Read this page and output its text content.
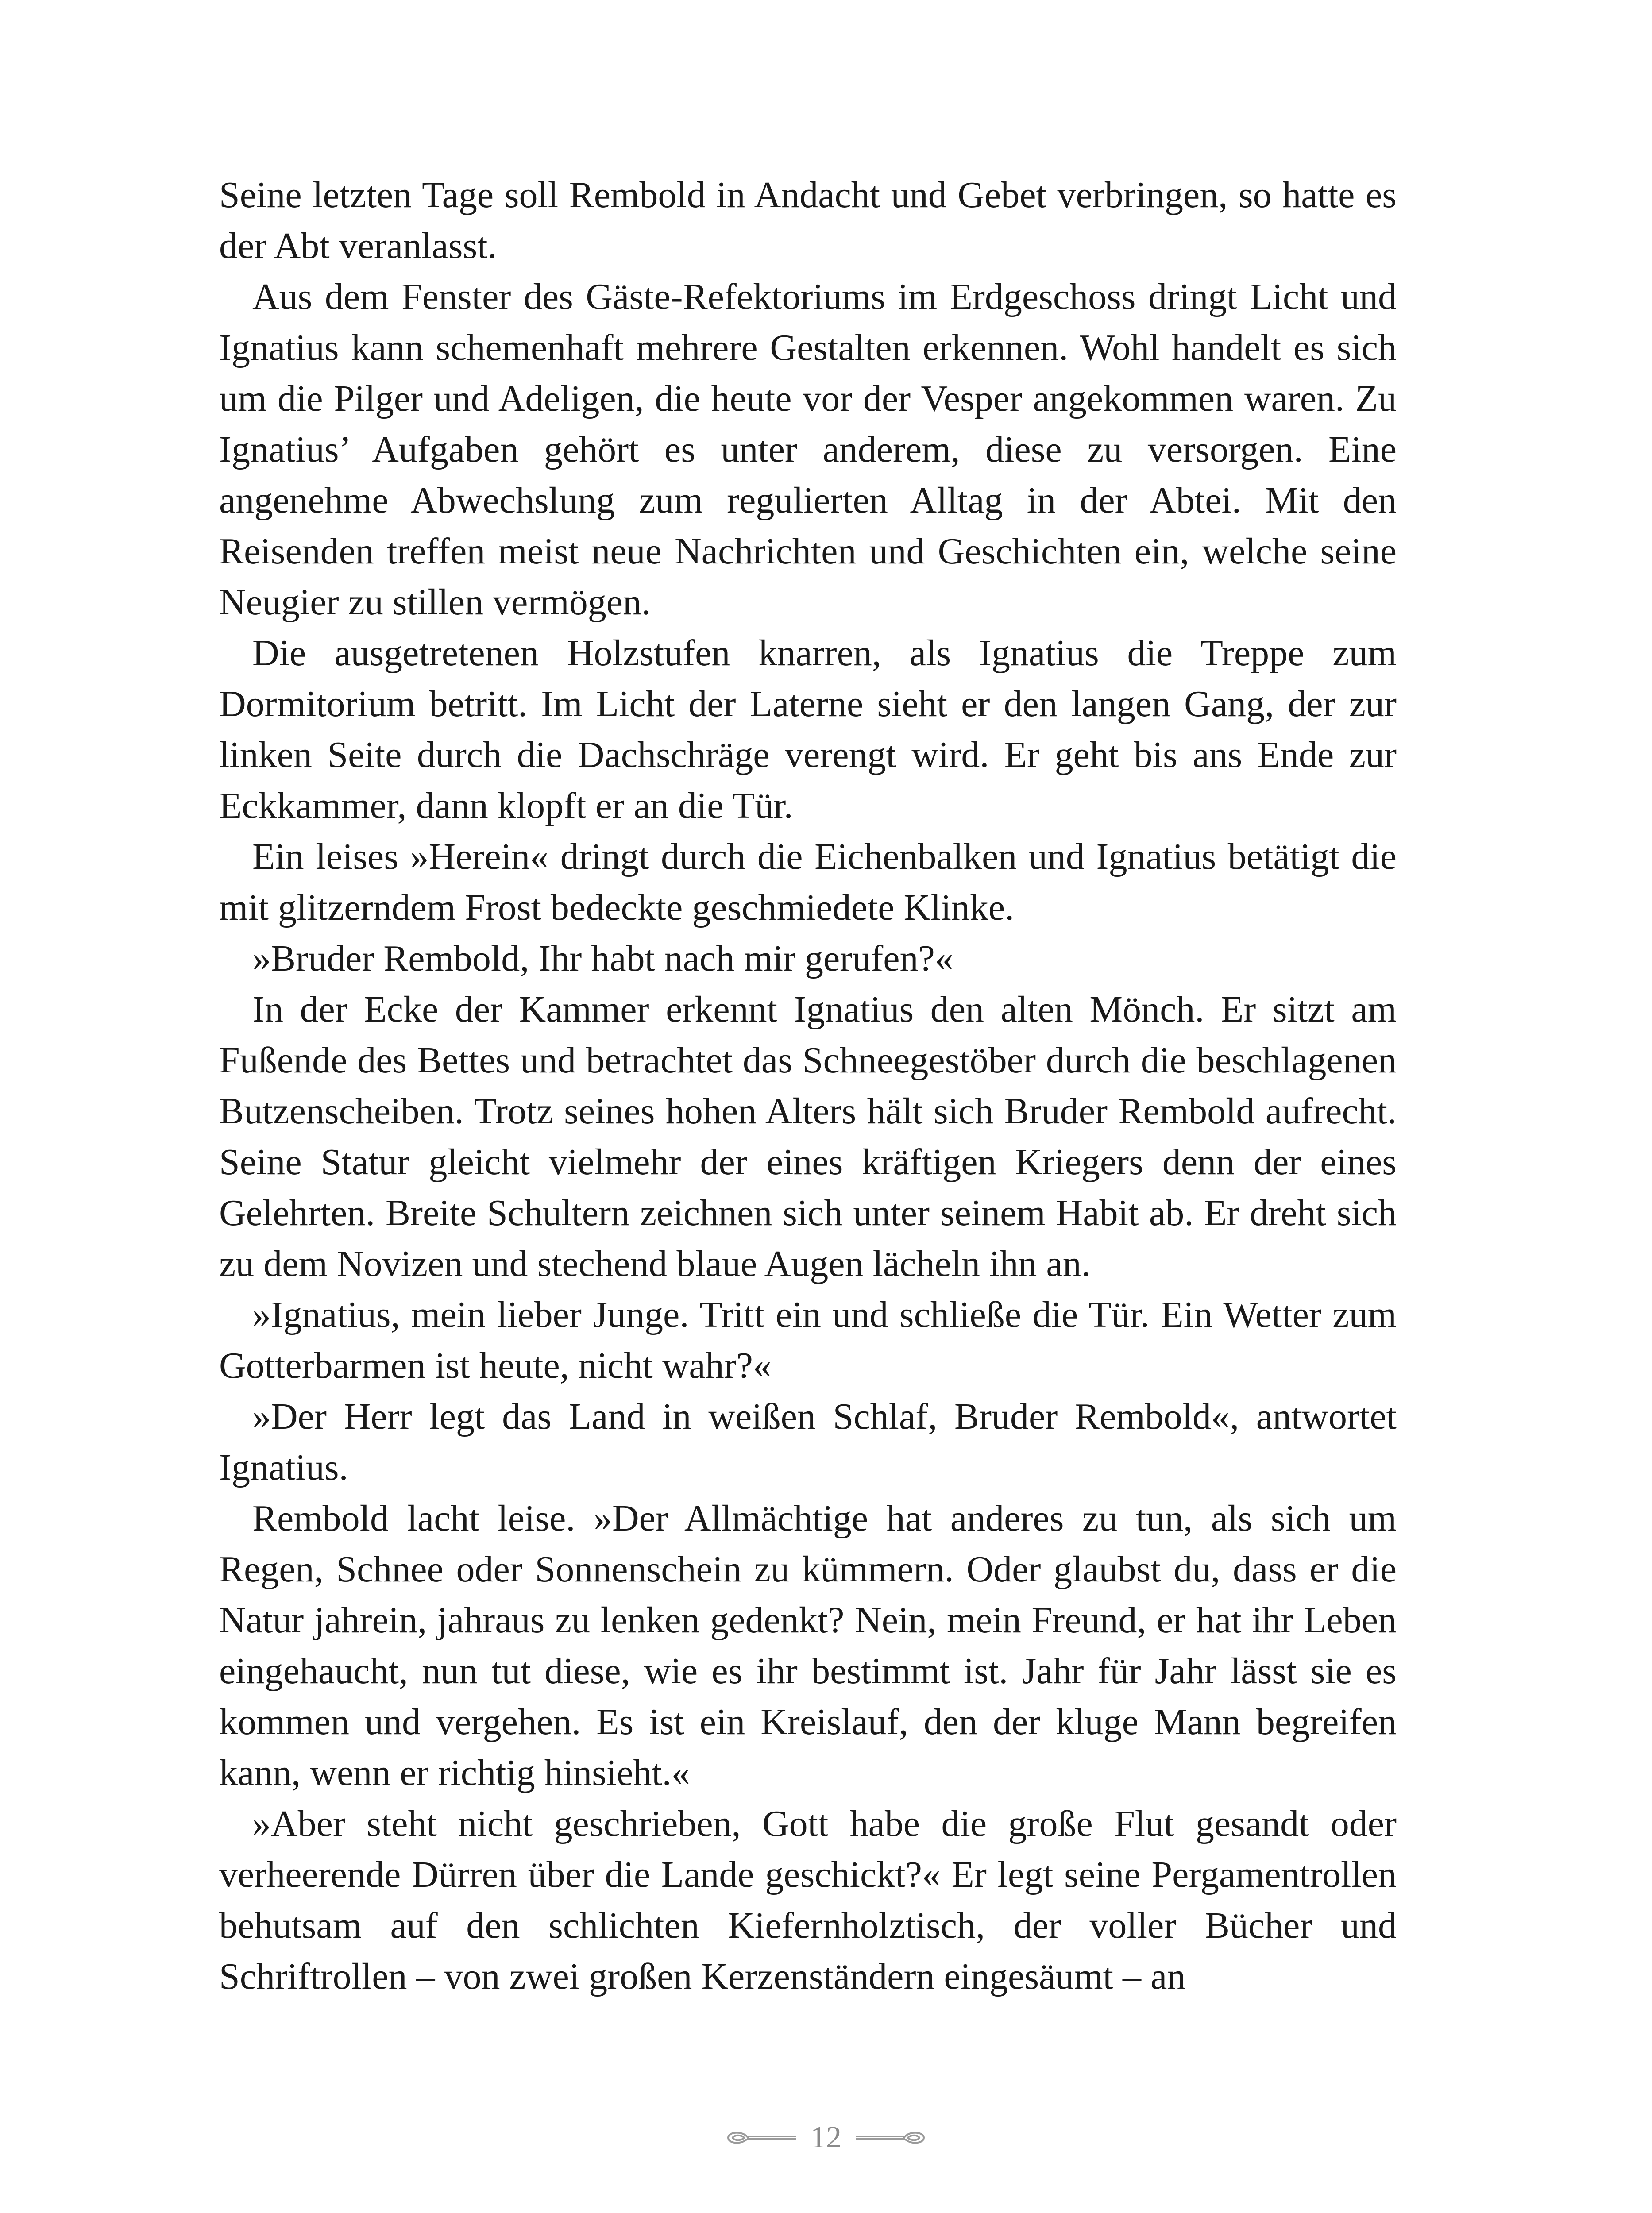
Seine letzten Tage soll Rembold in Andacht und Gebet verbringen, so hatte es der Abt veranlasst.

Aus dem Fenster des Gäste-Refektoriums im Erdgeschoss dringt Licht und Ignatius kann schemenhaft mehrere Gestalten erkennen. Wohl handelt es sich um die Pilger und Adeligen, die heute vor der Vesper angekommen waren. Zu Ignatius’ Aufgaben gehört es unter anderem, diese zu versorgen. Eine angenehme Abwechslung zum regulierten Alltag in der Abtei. Mit den Reisenden treffen meist neue Nachrichten und Geschichten ein, welche seine Neugier zu stillen vermögen.

Die ausgetretenen Holzstufen knarren, als Ignatius die Treppe zum Dormitorium betritt. Im Licht der Laterne sieht er den langen Gang, der zur linken Seite durch die Dachschräge verengt wird. Er geht bis ans Ende zur Eckkammer, dann klopft er an die Tür.

Ein leises »Herein« dringt durch die Eichenbalken und Ignatius betätigt die mit glitzerndem Frost bedeckte geschmiedete Klinke.

»Bruder Rembold, Ihr habt nach mir gerufen?«

In der Ecke der Kammer erkennt Ignatius den alten Mönch. Er sitzt am Fußende des Bettes und betrachtet das Schneegestöber durch die beschlagenen Butzenscheiben. Trotz seines hohen Alters hält sich Bruder Rembold aufrecht. Seine Statur gleicht vielmehr der eines kräftigen Kriegers denn der eines Gelehrten. Breite Schultern zeichnen sich unter seinem Habit ab. Er dreht sich zu dem Novizen und stechend blaue Augen lächeln ihn an.

»Ignatius, mein lieber Junge. Tritt ein und schließe die Tür. Ein Wetter zum Gotterbarmen ist heute, nicht wahr?«

»Der Herr legt das Land in weißen Schlaf, Bruder Rembold«, antwortet Ignatius.

Rembold lacht leise. »Der Allmächtige hat anderes zu tun, als sich um Regen, Schnee oder Sonnenschein zu kümmern. Oder glaubst du, dass er die Natur jahrein, jahraus zu lenken gedenkt? Nein, mein Freund, er hat ihr Leben eingehaucht, nun tut diese, wie es ihr bestimmt ist. Jahr für Jahr lässt sie es kommen und vergehen. Es ist ein Kreislauf, den der kluge Mann begreifen kann, wenn er richtig hinsieht.«

»Aber steht nicht geschrieben, Gott habe die große Flut gesandt oder verheerende Dürren über die Lande geschickt?« Er legt seine Pergamentrollen behutsam auf den schlichten Kiefernholztisch, der voller Bücher und Schriftrollen – von zwei großen Kerzenständern eingesäumt – an

12
